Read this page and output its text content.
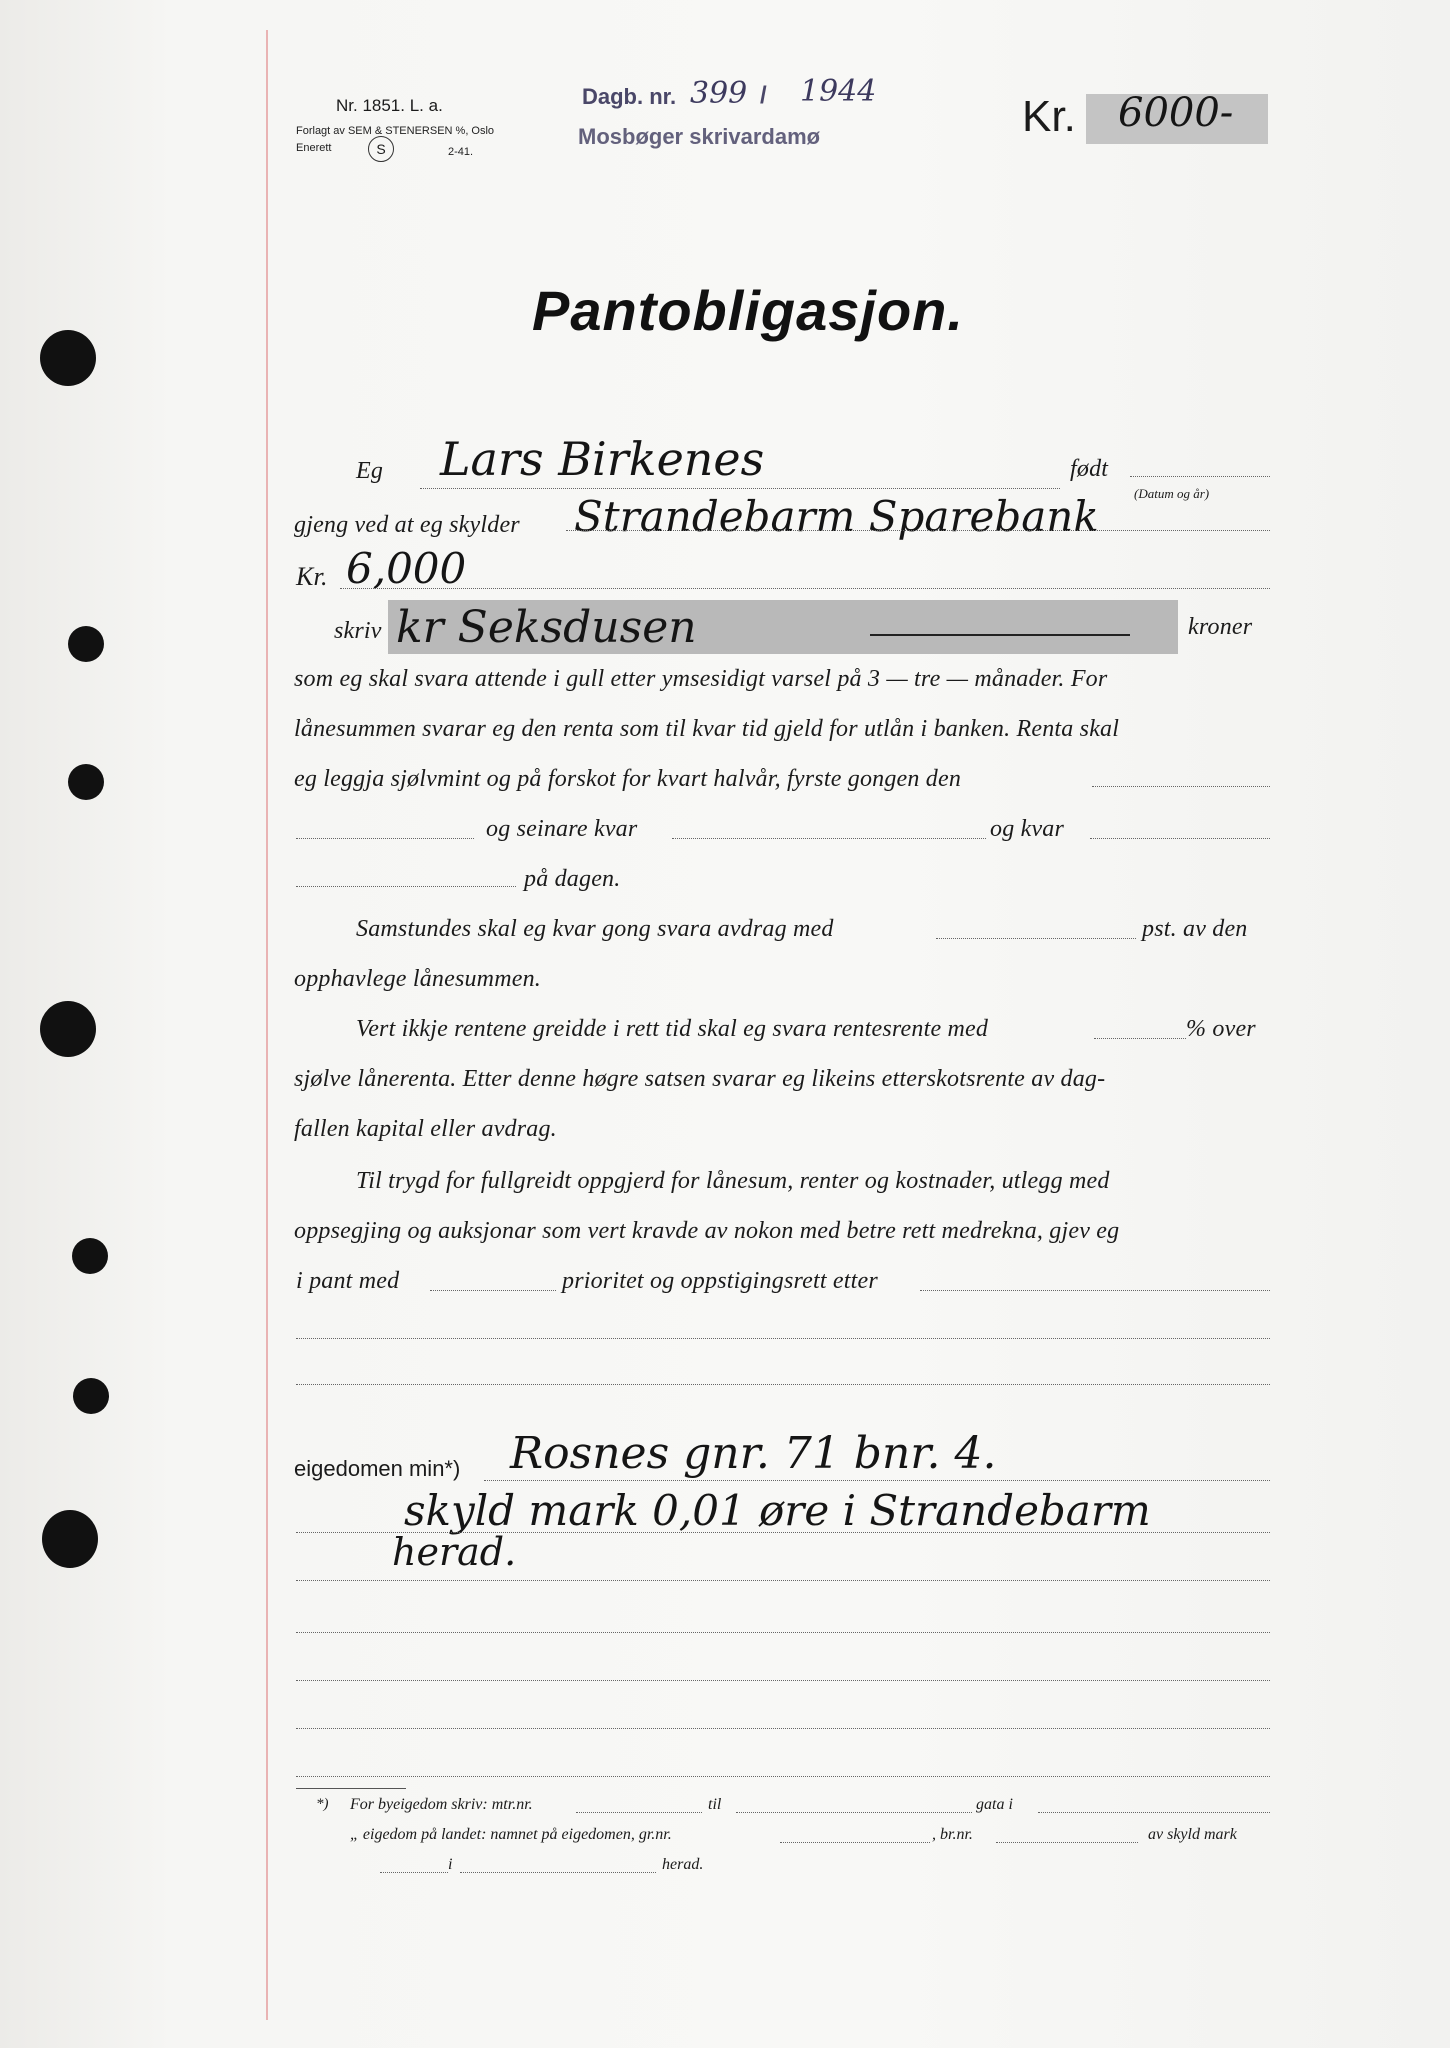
Nr. 1851. L. a.
Forlagt av SEM & STENERSEN %, Oslo
Enerett	S	2-41.
Dagb. nr. 399 / 1944
Mosbøger skrivardamø	Kr. 6000-
Pantobligasjon.
Eg Lars Birkenes	født
(Datum og år)
gjeng ved at eg skylder Strandebarm Sparebank
Kr. 6,000
skriv kr Seksdusen	kroner
som eg skal svara attende i gull etter ymsesidigt varsel på 3 — tre — månader. For
lånesummen svarar eg den renta som til kvar tid gjeld for utlån i banken. Renta skal
eg leggja sjølvmint og på forskot for kvart halvår, fyrste gongen den
og seinare kvar	og kvar
på dagen.
Samstundes skal eg kvar gong svara avdrag med	pst. av den
opphavlege lånesummen.
Vert ikkje rentene greidde i rett tid skal eg svara rentesrente med	% over
sjølve lånerenta. Etter denne høgre satsen svarar eg likeins etterskotsrente av dag-
fallen kapital eller avdrag.
Til trygd for fullgreidt oppgjerd for lånesum, renter og kostnader, utlegg med
oppsegjing og auksjonar som vert kravde av nokon med betre rett medrekna, gjev eg
i pant med	prioritet og oppstigingsrett etter
eigedomen min*) Rosnes gnr. 71 bnr. 4.
skyld mark 0,01 øre i Strandebarm
herad.
*) For byeigedom skriv: mtr.nr.	til	gata i
„ eigedom på landet: namnet på eigedomen, gr.nr.	, br.nr.	av skyld mark
i	herad.
